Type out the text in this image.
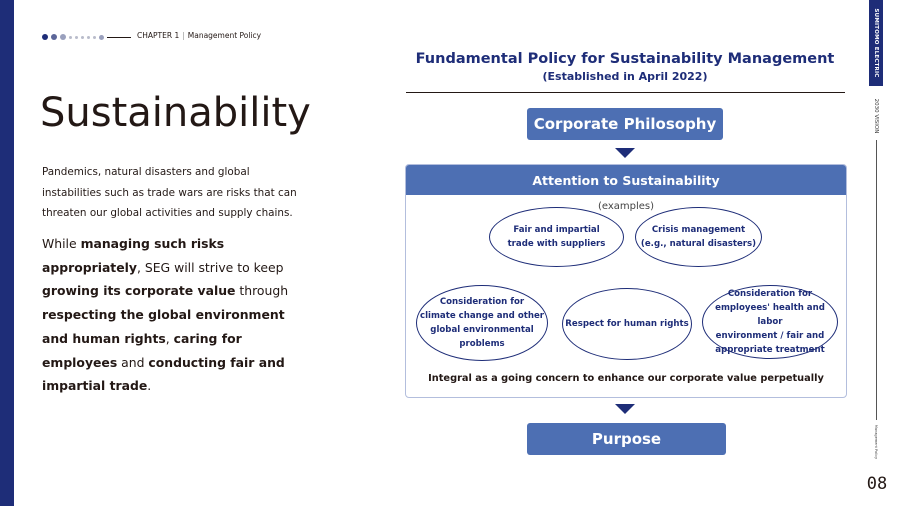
SUMITOMO ELECTRIC
2030 VISION
Management Policy
08
CHAPTER 1 | Management Policy
Sustainability
Pandemics, natural disasters and global instabilities such as trade wars are risks that can threaten our global activities and supply chains.
While managing such risks appropriately, SEG will strive to keep growing its corporate value through respecting the global environment and human rights, caring for employees and conducting fair and impartial trade.
Fundamental Policy for Sustainability Management
(Established in April 2022)
Corporate Philosophy
Attention to Sustainability
(examples)
Fair and impartial
trade with suppliers
Crisis management
(e.g., natural disasters)
Consideration for
climate change and other
global environmental
problems
Respect for human rights
Consideration for
employees' health and labor
environment / fair and
appropriate treatment
Integral as a going concern to enhance our corporate value perpetually
Purpose
